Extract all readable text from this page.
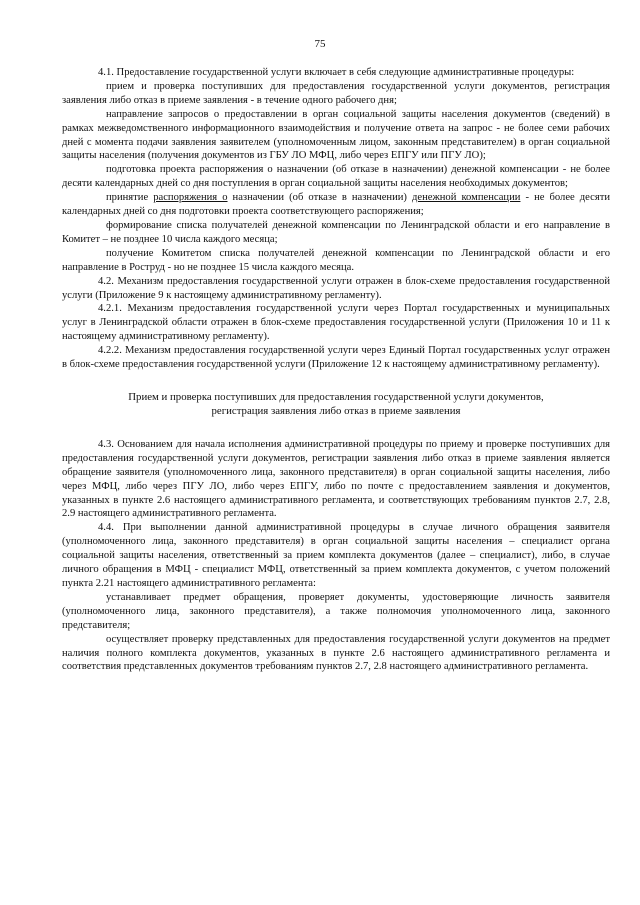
75

4.1. Предоставление государственной услуги включает в себя следующие административные процедуры:

прием и проверка поступивших для предоставления государственной услуги документов, регистрация заявления либо отказ в приеме заявления - в течение одного рабочего дня;

направление запросов о предоставлении в орган социальной защиты населения документов (сведений) в рамках межведомственного информационного взаимодействия и получение ответа на запрос - не более семи рабочих дней с момента подачи заявления заявителем (уполномоченным лицом, законным представителем) в орган социальной защиты населения (получения документов из ГБУ ЛО МФЦ, либо через ЕПГУ или ПГУ ЛО);

подготовка проекта распоряжения о назначении (об отказе в назначении) денежной компенсации - не более десяти календарных дней со дня поступления в орган социальной защиты населения необходимых документов;

принятие распоряжения о назначении (об отказе в назначении) денежной компенсации - не более десяти календарных дней со дня подготовки проекта соответствующего распоряжения;

формирование списка получателей денежной компенсации по Ленинградской области и его направление в Комитет – не позднее 10 числа каждого месяца;

получение Комитетом списка получателей денежной компенсации по Ленинградской области и его направление в Роструд - но не позднее 15 числа каждого месяца.

4.2. Механизм предоставления государственной услуги отражен в блок-схеме предоставления государственной услуги (Приложение 9 к настоящему административному регламенту).

4.2.1. Механизм предоставления государственной услуги через Портал государственных и муниципальных услуг в Ленинградской области отражен в блок-схеме предоставления государственной услуги (Приложения 10 и 11 к настоящему административному регламенту).

4.2.2. Механизм предоставления государственной услуги через Единый Портал государственных услуг отражен в блок-схеме предоставления государственной услуги (Приложение 12 к настоящему административному регламенту).

Прием и проверка поступивших для предоставления государственной услуги документов,
регистрация заявления либо отказ в приеме заявления

4.3. Основанием для начала исполнения административной процедуры по приему и проверке поступивших для предоставления государственной услуги документов, регистрации заявления либо отказ в приеме заявления является обращение заявителя (уполномоченного лица, законного представителя) в орган социальной защиты населения, либо через МФЦ, либо через ПГУ ЛО, либо через ЕПГУ, либо по почте с предоставлением заявления и документов, указанных в пункте 2.6 настоящего административного регламента, и соответствующих требованиям пунктов 2.7, 2.8, 2.9 настоящего административного регламента.

4.4. При выполнении данной административной процедуры в случае личного обращения заявителя (уполномоченного лица, законного представителя) в орган социальной защиты населения – специалист органа социальной защиты населения, ответственный за прием комплекта документов (далее – специалист), либо, в случае личного обращения в МФЦ - специалист МФЦ, ответственный за прием комплекта документов, с учетом положений пункта 2.21 настоящего административного регламента:

устанавливает предмет обращения, проверяет документы, удостоверяющие личность заявителя (уполномоченного лица, законного представителя), а также полномочия уполномоченного лица, законного представителя;

осуществляет проверку представленных для предоставления государственной услуги документов на предмет наличия полного комплекта документов, указанных в пункте 2.6 настоящего административного регламента и соответствия представленных документов требованиям пунктов 2.7, 2.8 настоящего административного регламента.
